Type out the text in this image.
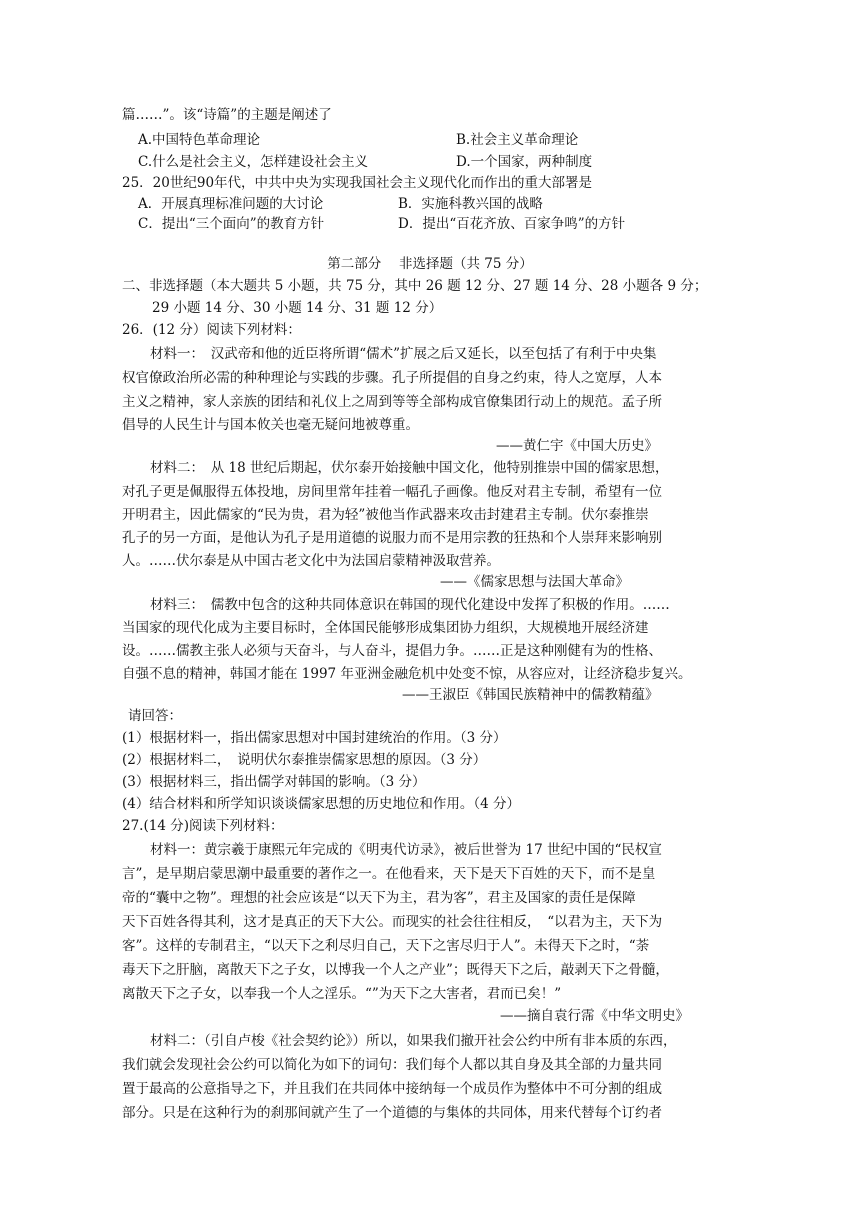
篇……”。该“诗篇”的主题是阐述了
A.中国特色革命理论	B.社会主义革命理论
C.什么是社会主义，怎样建设社会主义	D.一个国家，两种制度
25．20世纪90年代，中共中央为实现我国社会主义现代化而作出的重大部署是
A．开展真理标准问题的大讨论	B．实施科教兴国的战略
C．提出“三个面向”的教育方针	D．提出“百花齐放、百家争鸣”的方针
第二部分　 非选择题（共 75 分）
二、非选择题（本大题共 5 小题，共 75 分，其中 26 题 12 分、27 题 14 分、28 小题各 9 分；
29 小题 14 分、30 小题 14 分、31 题 12 分）
26．(12 分）阅读下列材料：
材料一：　汉武帝和他的近臣将所谓“儒术”扩展之后又延长，以至包括了有利于中央集
权官僚政治所必需的种种理论与实践的步骤。孔子所提倡的自身之约束，待人之宽厚，人本
主义之精神，家人亲族的团结和礼仪上之周到等等全部构成官僚集团行动上的规范。孟子所
倡导的人民生计与国本攸关也毫无疑问地被尊重。
——黄仁宇《中国大历史》
材料二：　从 18 世纪后期起，伏尔泰开始接触中国文化，他特别推崇中国的儒家思想，
对孔子更是佩服得五体投地，房间里常年挂着一幅孔子画像。他反对君主专制，希望有一位
开明君主，因此儒家的“民为贵，君为轻”被他当作武器来攻击封建君主专制。伏尔泰推崇
孔子的另一方面，是他认为孔子是用道德的说服力而不是用宗教的狂热和个人崇拜来影响别
人。……伏尔泰是从中国古老文化中为法国启蒙精神汲取营养。
——《儒家思想与法国大革命》
材料三：　儒教中包含的这种共同体意识在韩国的现代化建设中发挥了积极的作用。……
当国家的现代化成为主要目标时，全体国民能够形成集团协力组织，大规模地开展经济建
设。……儒教主张人必须与天奋斗，与人奋斗，提倡力争。……正是这种刚健有为的性格、
自强不息的精神，韩国才能在 1997 年亚洲金融危机中处变不惊，从容应对，让经济稳步复兴。
——王淑臣《韩国民族精神中的儒教精蕴》
请回答：
(1）根据材料一，指出儒家思想对中国封建统治的作用。（3 分）
(2）根据材料二，　说明伏尔泰推崇儒家思想的原因。（3 分）
(3）根据材料三，指出儒学对韩国的影响。（3 分）
(4）结合材料和所学知识谈谈儒家思想的历史地位和作用。（4 分）
27.(14 分)阅读下列材料：
材料一：黄宗羲于康熙元年完成的《明夷代访录》，被后世誉为 17 世纪中国的“民权宣
言”，是早期启蒙思潮中最重要的著作之一。在他看来，天下是天下百姓的天下，而不是皇
帝的“囊中之物”。理想的社会应该是“以天下为主，君为客”，君主及国家的责任是保障
天下百姓各得其利，这才是真正的天下大公。而现实的社会往往相反，　“以君为主，天下为
客”。这样的专制君主，“以天下之利尽归自己，天下之害尽归于人”。未得天下之时，“荼
毒天下之肝脑，离散天下之子女，以博我一个人之产业”；既得天下之后，敲剥天下之骨髓，
离散天下之子女，以奉我一个人之淫乐。“”为天下之大害者，君而已矣！”
——摘自袁行霈《中华文明史》
材料二：（引自卢梭《社会契约论》）所以，如果我们撤开社会公约中所有非本质的东西，
我们就会发现社会公约可以简化为如下的词句：我们每个人都以其自身及其全部的力量共同
置于最高的公意指导之下，并且我们在共同体中接纳每一个成员作为整体中不可分割的组成
部分。只是在这种行为的刹那间就产生了一个道德的与集体的共同体，用来代替每个订约者
